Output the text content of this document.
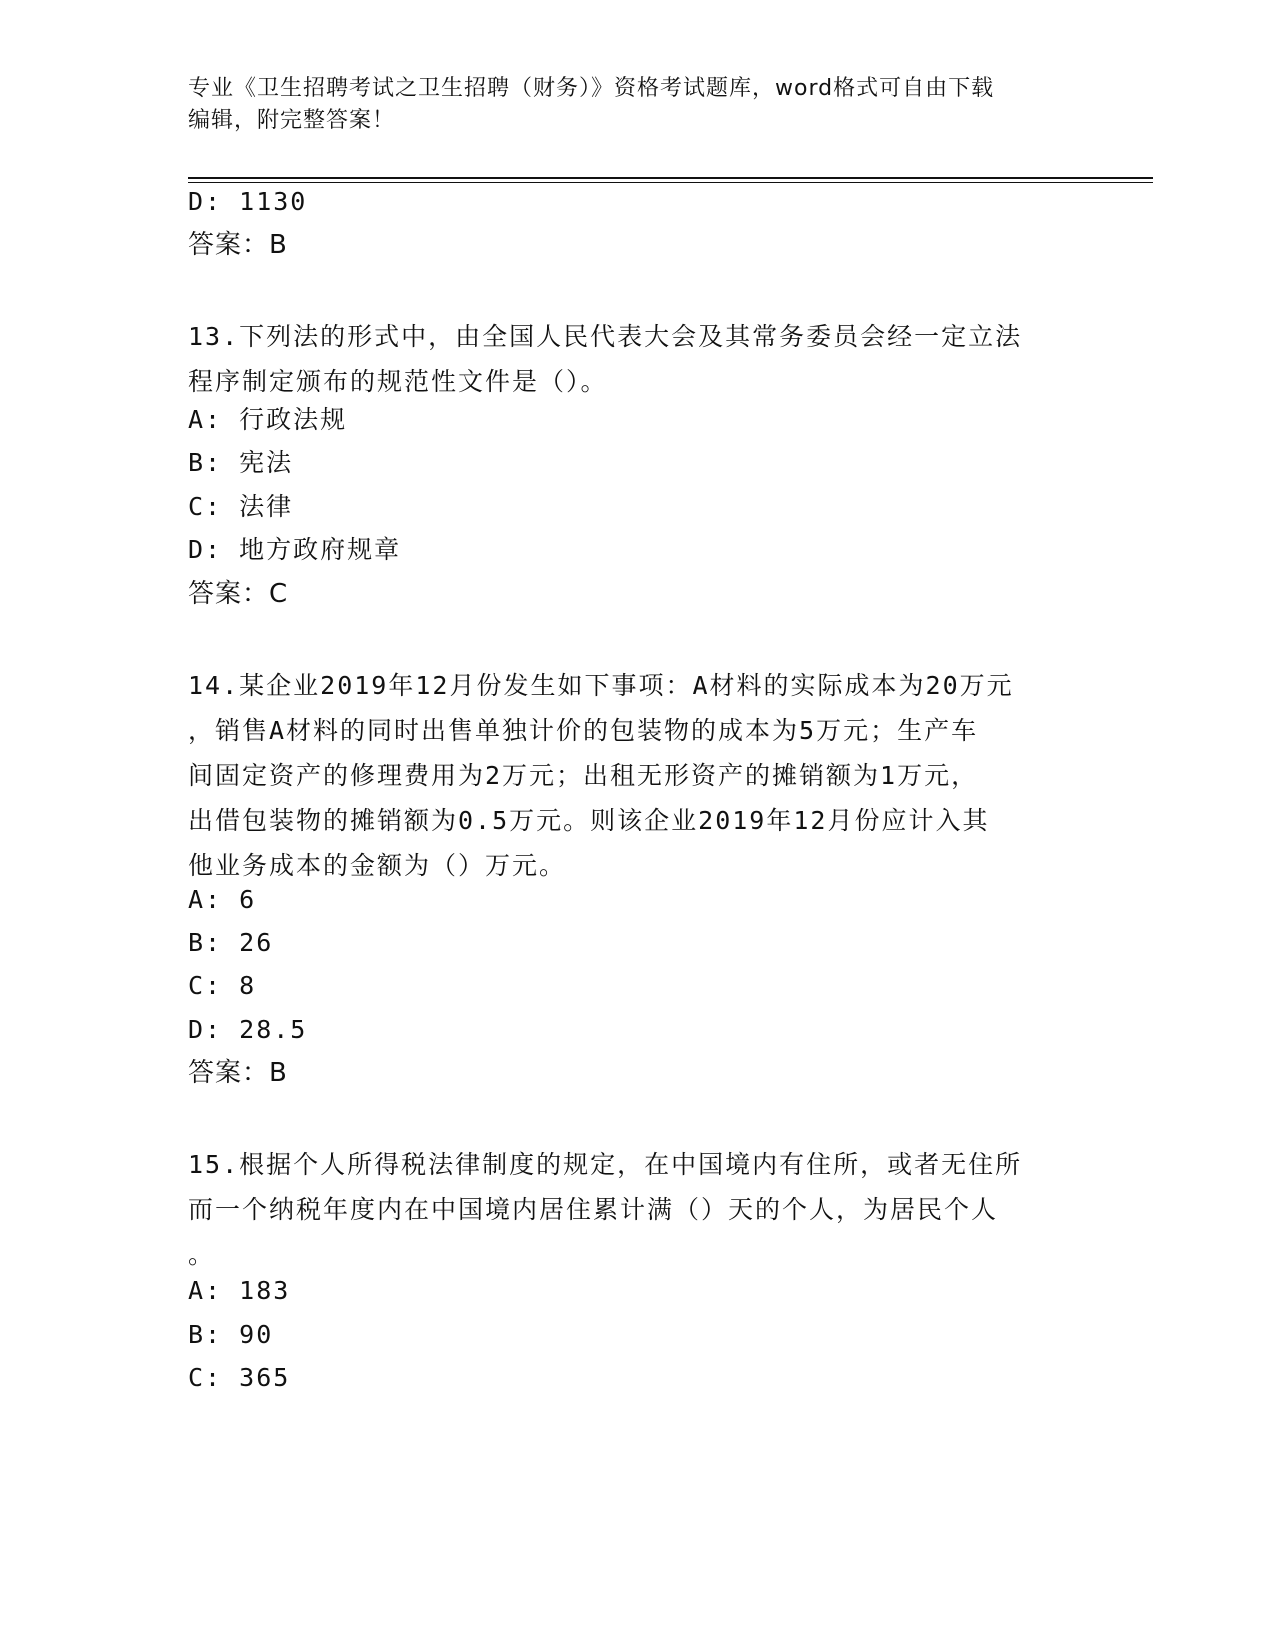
专业《卫生招聘考试之卫生招聘（财务）》资格考试题库，word格式可自由下载
编辑，附完整答案！
D: 1130
答案：B
13.下列法的形式中，由全国人民代表大会及其常务委员会经一定立法
程序制定颁布的规范性文件是（）。
A: 行政法规
B: 宪法
C: 法律
D: 地方政府规章
答案：C
14.某企业2019年12月份发生如下事项：A材料的实际成本为20万元
，销售A材料的同时出售单独计价的包装物的成本为5万元；生产车
间固定资产的修理费用为2万元；出租无形资产的摊销额为1万元，
出借包装物的摊销额为0.5万元。则该企业2019年12月份应计入其
他业务成本的金额为（）万元。
A: 6
B: 26
C: 8
D: 28.5
答案：B
15.根据个人所得税法律制度的规定，在中国境内有住所，或者无住所
而一个纳税年度内在中国境内居住累计满（）天的个人，为居民个人
。
A: 183
B: 90
C: 365
